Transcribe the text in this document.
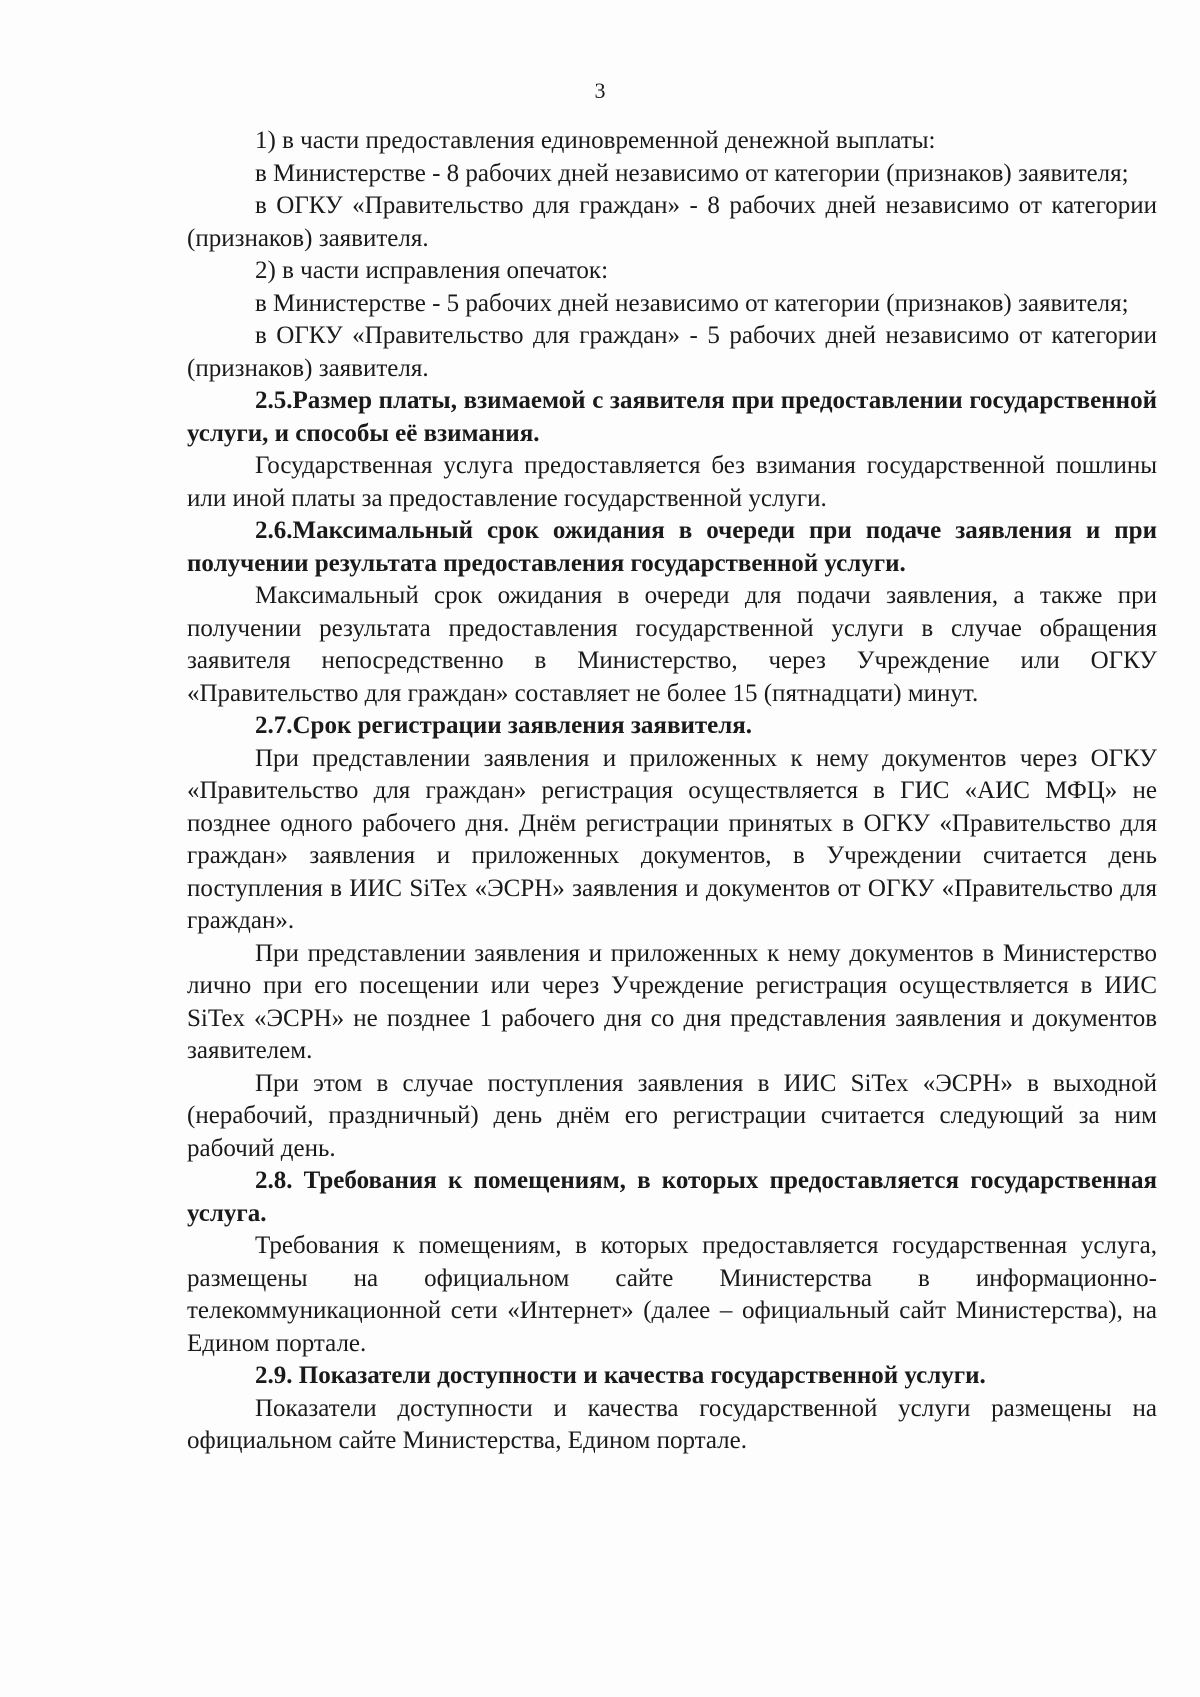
3

1) в части предоставления единовременной денежной выплаты:

в Министерстве - 8 рабочих дней независимо от категории (признаков) заявителя;

в ОГКУ «Правительство для граждан» - 8 рабочих дней независимо от категории (признаков) заявителя.

2) в части исправления опечаток:

в Министерстве - 5 рабочих дней независимо от категории (признаков) заявителя;

в ОГКУ «Правительство для граждан» - 5 рабочих дней независимо от категории (признаков) заявителя.

2.5.Размер платы, взимаемой с заявителя при предоставлении государственной услуги, и способы её взимания.

Государственная услуга предоставляется без взимания государственной пошлины или иной платы за предоставление государственной услуги.

2.6.Максимальный срок ожидания в очереди при подаче заявления и при получении результата предоставления государственной услуги.

Максимальный срок ожидания в очереди для подачи заявления, а также при получении результата предоставления государственной услуги в случае обращения заявителя непосредственно в Министерство, через Учреждение или ОГКУ «Правительство для граждан» составляет не более 15 (пятнадцати) минут.

2.7.Срок регистрации заявления заявителя.

При представлении заявления и приложенных к нему документов через ОГКУ «Правительство для граждан» регистрация осуществляется в ГИС «АИС МФЦ» не позднее одного рабочего дня. Днём регистрации принятых в ОГКУ «Правительство для граждан» заявления и приложенных документов, в Учреждении считается день поступления в ИИС SiTex «ЭСРН» заявления и документов от ОГКУ «Правительство для граждан».

При представлении заявления и приложенных к нему документов в Министерство лично при его посещении или через Учреждение регистрация осуществляется в ИИС SiTex «ЭСРН» не позднее 1 рабочего дня со дня представления заявления и документов заявителем.

При этом в случае поступления заявления в ИИС SiTex «ЭСРН» в выходной (нерабочий, праздничный) день днём его регистрации считается следующий за ним рабочий день.

2.8. Требования к помещениям, в которых предоставляется государственная услуга.

Требования к помещениям, в которых предоставляется государственная услуга, размещены на официальном сайте Министерства в информационно-телекоммуникационной сети «Интернет» (далее – официальный сайт Министерства), на Едином портале.

2.9. Показатели доступности и качества государственной услуги.

Показатели доступности и качества государственной услуги размещены на официальном сайте Министерства, Едином портале.
